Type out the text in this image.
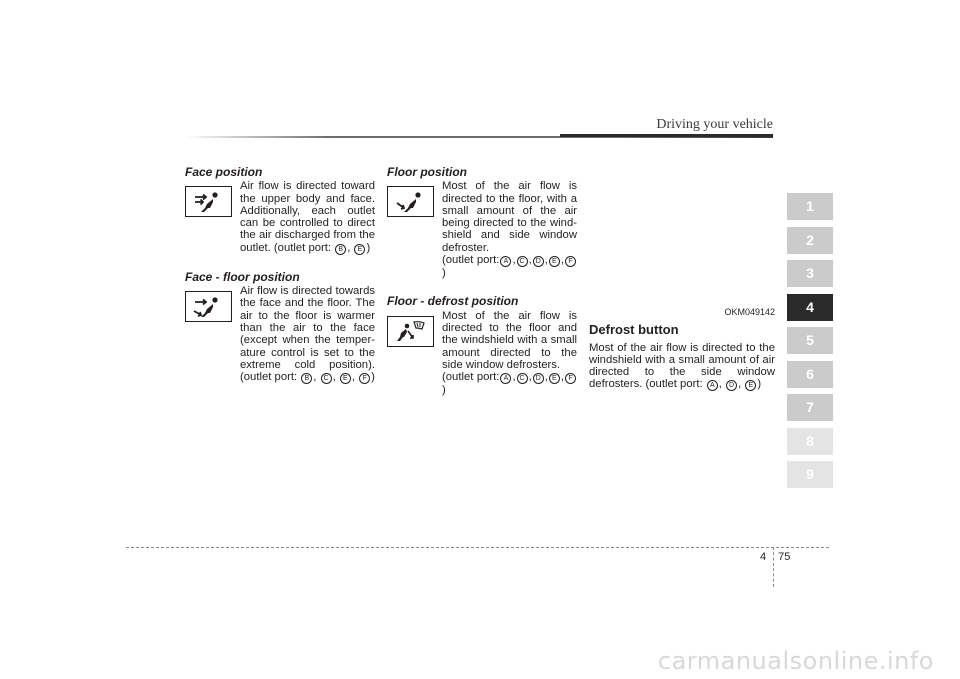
Driving your vehicle
Face position

Air flow is directed toward the upper body and face. Additionally, each outlet can be controlled to direct the air discharged from the outlet. (outlet port: B , E )

Face - floor position

Air flow is directed towards the face and the floor. The air to the floor is warmer than the air to the face (except when the temper-ature control is set to the extreme cold position). (outlet port: B , C , E , F )

Floor position

Most of the air flow is directed to the floor, with a small amount of the air being directed to the wind-shield and side window defroster.
(outlet port: A , C , D , E , F)

Floor - defrost position

Most of the air flow is directed to the floor and the windshield with a small amount directed to the side window defrosters.
(outlet port: A , C , D , E , F)

OKM049142
Defrost button

Most of the air flow is directed to the windshield with a small amount of air directed to the side window defrosters. (outlet port: A , D , E )

1
2
3
4
5
6
7
8
9
4 75
carmanualsonline.info
